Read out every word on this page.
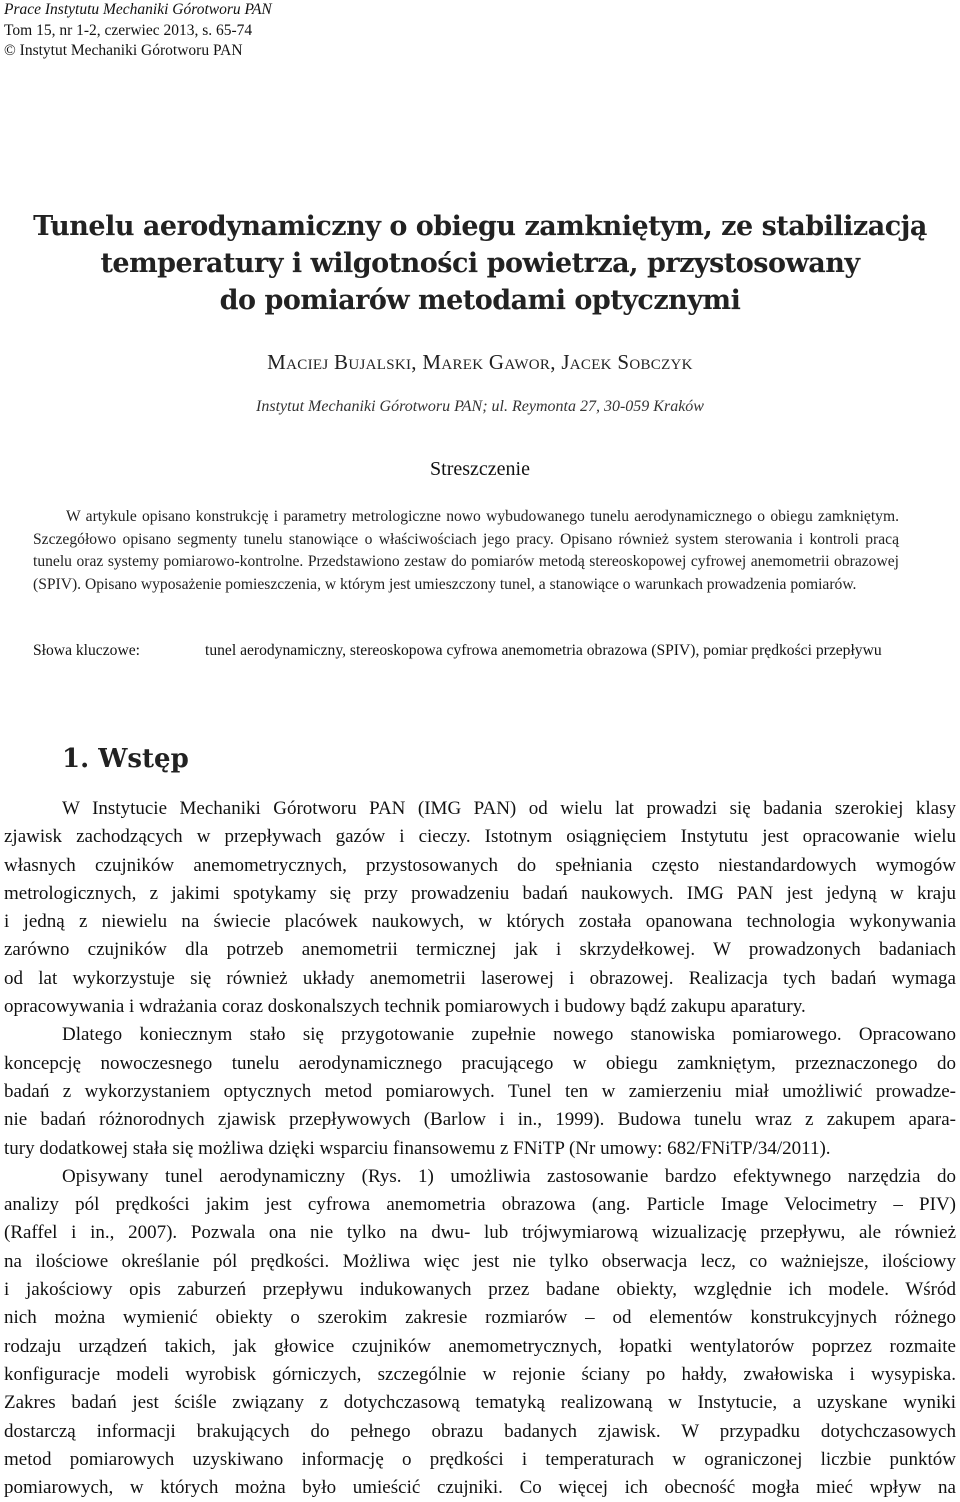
Prace Instytutu Mechaniki Górotworu PAN
Tom 15, nr 1-2, czerwiec 2013, s. 65-74
© Instytut Mechaniki Górotworu PAN
Tunelu aerodynamiczny o obiegu zamkniętym, ze stabilizacją
temperatury i wilgotności powietrza, przystosowany
do pomiarów metodami optycznymi
Maciej Bujalski, Marek Gawor, Jacek Sobczyk
Instytut Mechaniki Górotworu PAN; ul. Reymonta 27, 30-059 Kraków
Streszczenie
W artykule opisano konstrukcję i parametry metrologiczne nowo wybudowanego tunelu aerodynamicznego o obiegu zamkniętym. Szczegółowo opisano segmenty tunelu stanowiące o właściwościach jego pracy. Opisano również system sterowania i kontroli pracą tunelu oraz systemy pomiarowo-kontrolne. Przedstawiono zestaw do pomiarów metodą stereoskopowej cyfrowej anemometrii obrazowej (SPIV). Opisano wyposażenie pomieszczenia, w którym jest umieszczony tunel, a stanowiące o warunkach prowadzenia pomiarów.
Słowa kluczowe:	tunel aerodynamiczny, stereoskopowa cyfrowa anemometria obrazowa (SPIV), pomiar prędkości przepływu
1. Wstęp
W Instytucie Mechaniki Górotworu PAN (IMG PAN) od wielu lat prowadzi się badania szerokiej klasy
zjawisk zachodzących w przepływach gazów i cieczy. Istotnym osiągnięciem Instytutu jest opracowanie wielu
własnych czujników anemometrycznych, przystosowanych do spełniania często niestandardowych wymogów
metrologicznych, z jakimi spotykamy się przy prowadzeniu badań naukowych. IMG PAN jest jedyną w kraju
i jedną z niewielu na świecie placówek naukowych, w których została opanowana technologia wykonywania
zarówno czujników dla potrzeb anemometrii termicznej jak i skrzydełkowej. W prowadzonych badaniach
od lat wykorzystuje się również układy anemometrii laserowej i obrazowej. Realizacja tych badań wymaga
opracowywania i wdrażania coraz doskonalszych technik pomiarowych i budowy bądź zakupu aparatury.
Dlatego koniecznym stało się przygotowanie zupełnie nowego stanowiska pomiarowego. Opracowano
koncepcję nowoczesnego tunelu aerodynamicznego pracującego w obiegu zamkniętym, przeznaczonego do
badań z wykorzystaniem optycznych metod pomiarowych. Tunel ten w zamierzeniu miał umożliwić prowadze-
nie badań różnorodnych zjawisk przepływowych (Barlow i in., 1999). Budowa tunelu wraz z zakupem apara-
tury dodatkowej stała się możliwa dzięki wsparciu finansowemu z FNiTP (Nr umowy: 682/FNiTP/34/2011).
Opisywany tunel aerodynamiczny (Rys. 1) umożliwia zastosowanie bardzo efektywnego narzędzia do
analizy pól prędkości jakim jest cyfrowa anemometria obrazowa (ang. Particle Image Velocimetry – PIV)
(Raffel i in., 2007). Pozwala ona nie tylko na dwu- lub trójwymiarową wizualizację przepływu, ale również
na ilościowe określanie pól prędkości. Możliwa więc jest nie tylko obserwacja lecz, co ważniejsze, ilościowy
i jakościowy opis zaburzeń przepływu indukowanych przez badane obiekty, względnie ich modele. Wśród
nich można wymienić obiekty o szerokim zakresie rozmiarów – od elementów konstrukcyjnych różnego
rodzaju urządzeń takich, jak głowice czujników anemometrycznych, łopatki wentylatorów poprzez rozmaite
konfiguracje modeli wyrobisk górniczych, szczególnie w rejonie ściany po hałdy, zwałowiska i wysypiska.
Zakres badań jest ściśle związany z dotychczasową tematyką realizowaną w Instytucie, a uzyskane wyniki
dostarczą informacji brakujących do pełnego obrazu badanych zjawisk. W przypadku dotychczasowych
metod pomiarowych uzyskiwano informację o prędkości i temperaturach w ograniczonej liczbie punktów
pomiarowych, w których można było umieścić czujniki. Co więcej ich obecność mogła mieć wpływ na
